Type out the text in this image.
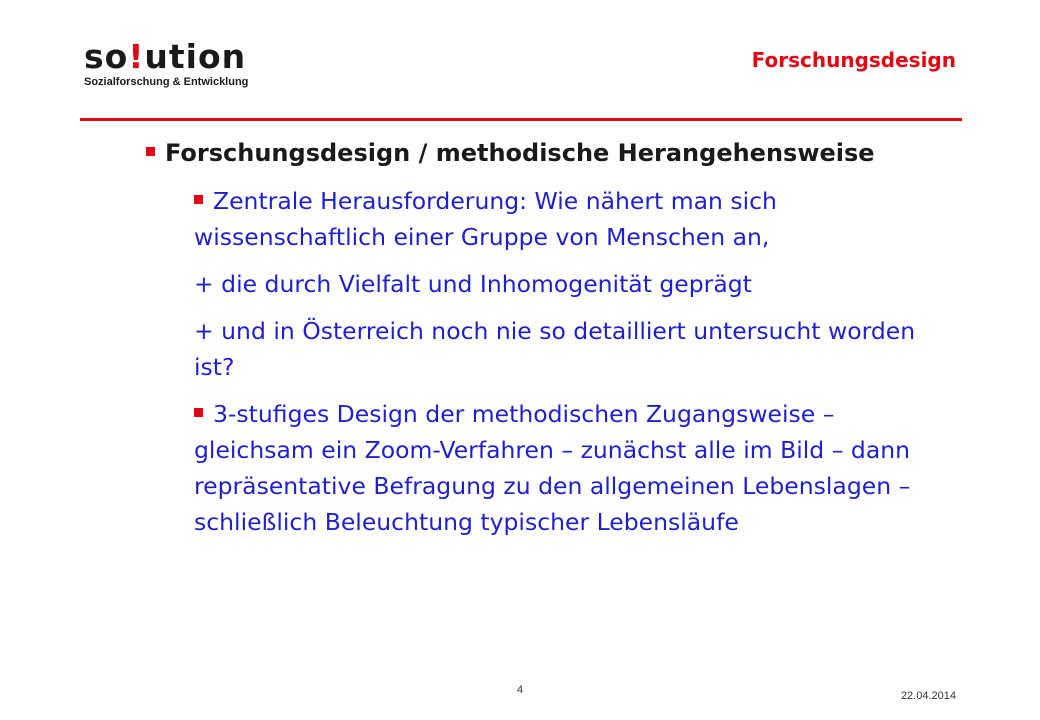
so!ution
Sozialforschung & Entwicklung
Forschungsdesign

Forschungsdesign / methodische Herangehensweise

Zentrale Herausforderung: Wie nähert man sich wissenschaftlich einer Gruppe von Menschen an,

+ die durch Vielfalt und Inhomogenität geprägt

+ und in Österreich noch nie so detailliert untersucht worden ist?

3-stufiges Design der methodischen Zugangsweise – gleichsam ein Zoom-Verfahren – zunächst alle im Bild – dann repräsentative Befragung zu den allgemeinen Lebenslagen – schließlich Beleuchtung typischer Lebensläufe

4	22.04.2014
